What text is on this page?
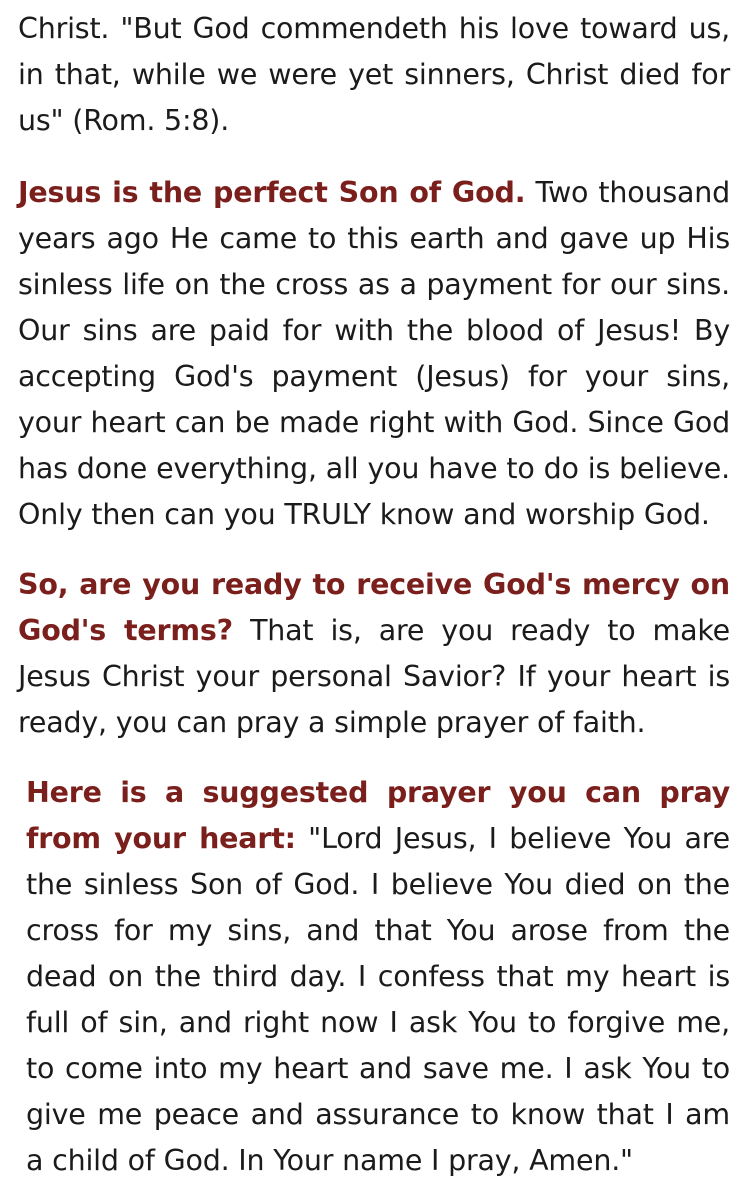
Christ. "But God commendeth his love toward us, in that, while we were yet sinners, Christ died for us" (Rom. 5:8).

Jesus is the perfect Son of God. Two thousand years ago He came to this earth and gave up His sinless life on the cross as a payment for our sins. Our sins are paid for with the blood of Jesus! By accepting God's payment (Jesus) for your sins, your heart can be made right with God. Since God has done everything, all you have to do is believe. Only then can you TRULY know and worship God.

So, are you ready to receive God's mercy on God's terms? That is, are you ready to make Jesus Christ your personal Savior? If your heart is ready, you can pray a simple prayer of faith.

Here is a suggested prayer you can pray from your heart: "Lord Jesus, I believe You are the sinless Son of God. I believe You died on the cross for my sins, and that You arose from the dead on the third day. I confess that my heart is full of sin, and right now I ask You to forgive me, to come into my heart and save me. I ask You to give me peace and assurance to know that I am a child of God. In Your name I pray, Amen."
